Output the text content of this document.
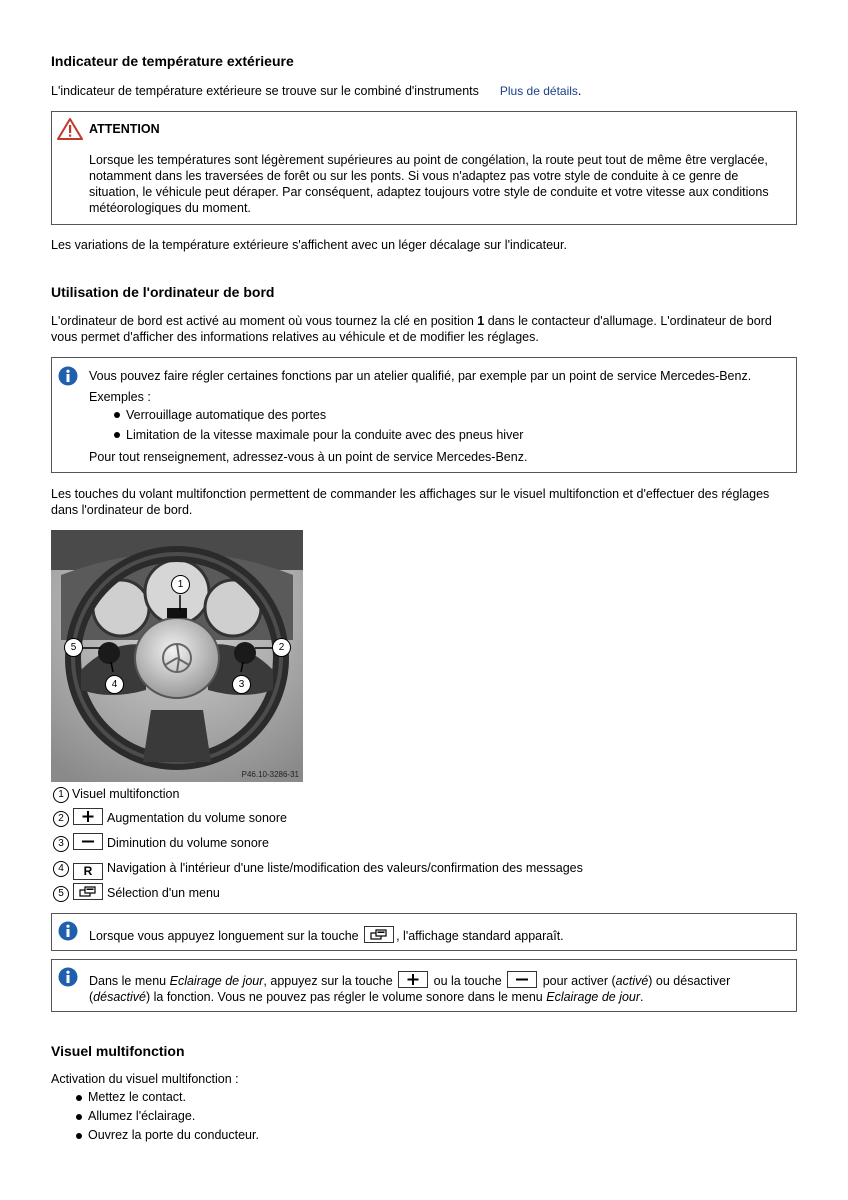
Indicateur de température extérieure

L'indicateur de température extérieure se trouve sur le combiné d'instruments Plus de détails.

ATTENTION

Lorsque les températures sont légèrement supérieures au point de congélation, la route peut tout de même être verglacée, notamment dans les traversées de forêt ou sur les ponts. Si vous n'adaptez pas votre style de conduite à ce genre de situation, le véhicule peut déraper. Par conséquent, adaptez toujours votre style de conduite et votre vitesse aux conditions météorologiques du moment.

Les variations de la température extérieure s'affichent avec un léger décalage sur l'indicateur.

Utilisation de l'ordinateur de bord

L'ordinateur de bord est activé au moment où vous tournez la clé en position 1 dans le contacteur d'allumage. L'ordinateur de bord vous permet d'afficher des informations relatives au véhicule et de modifier les réglages.

Vous pouvez faire régler certaines fonctions par un atelier qualifié, par exemple par un point de service Mercedes-Benz.

Exemples :

Verrouillage automatique des portes
Limitation de la vitesse maximale pour la conduite avec des pneus hiver

Pour tout renseignement, adressez-vous à un point de service Mercedes-Benz.

Les touches du volant multifonction permettent de commander les affichages sur le visuel multifonction et d'effectuer des réglages dans l'ordinateur de bord.

1
2
3
4
5
P46.10-3286-31
1 Visuel multifonction
2	Augmentation du volume sonore
3	Diminution du volume sonore
4 R Navigation à l'intérieur d'une liste/modification des valeurs/confirmation des messages
5	Sélection d'un menu

Lorsque vous appuyez longuement sur la touche	, l'affichage standard apparaît.

Dans le menu Eclairage de jour, appuyez sur la touche	ou la touche	pour activer (activé) ou désactiver (désactivé) la fonction. Vous ne pouvez pas régler le volume sonore dans le menu Eclairage de jour.

Visuel multifonction

Activation du visuel multifonction :

Mettez le contact.
Allumez l'éclairage.
Ouvrez la porte du conducteur.
